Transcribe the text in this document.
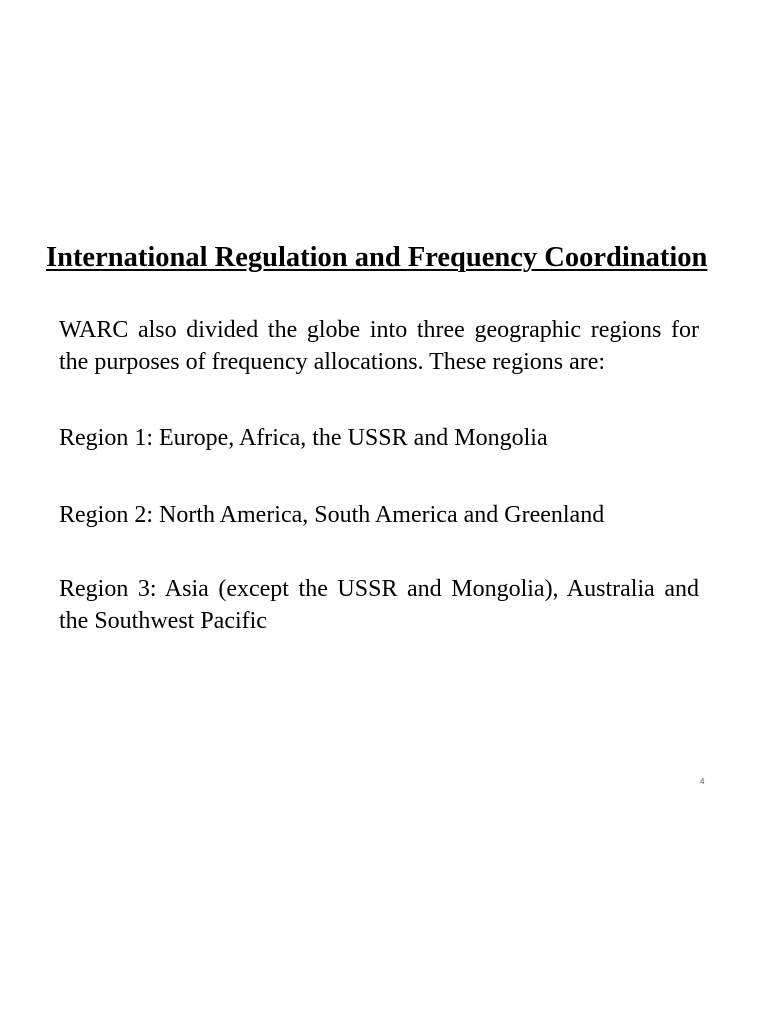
International Regulation and Frequency Coordination

WARC also divided the globe into three geographic regions for the purposes of frequency allocations. These regions are:

Region 1: Europe, Africa, the USSR and Mongolia

Region 2: North America, South America and Greenland

Region 3: Asia (except the USSR and Mongolia), Australia and the Southwest Pacific

4
